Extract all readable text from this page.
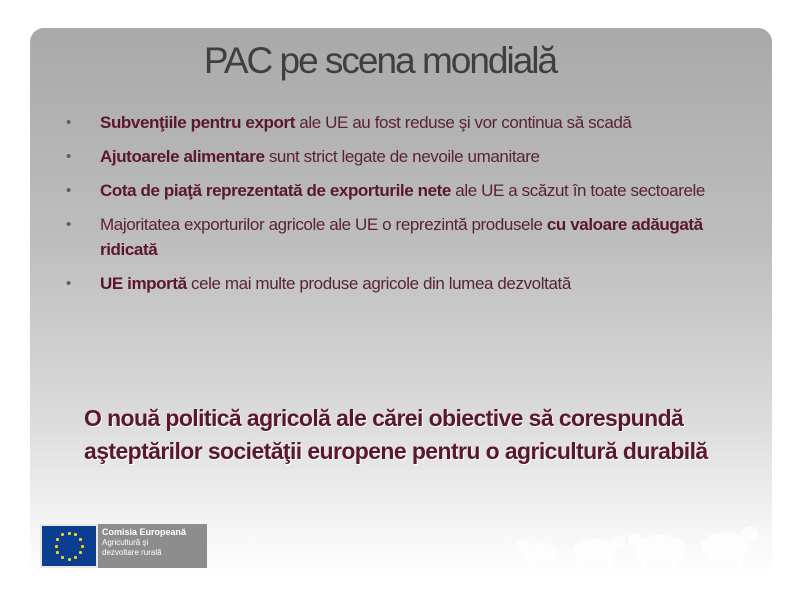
PAC pe scena mondială
• Subvenţiile pentru export ale UE au fost reduse şi vor continua să scadă
• Ajutoarele alimentare sunt strict legate de nevoile umanitare
• Cota de piaţă reprezentată de exporturile nete ale UE a scăzut în toate sectoarele
• Majoritatea exporturilor agricole ale UE o reprezintă produsele cu valoare adăugată ridicată
• UE importă cele mai multe produse agricole din lumea dezvoltată
O nouă politică agricolă ale cărei obiective să corespundă aşteptărilor societăţii europene pentru o agricultură durabilă
Comisia Europeană
Agricultură şi
dezvoltare rurală
